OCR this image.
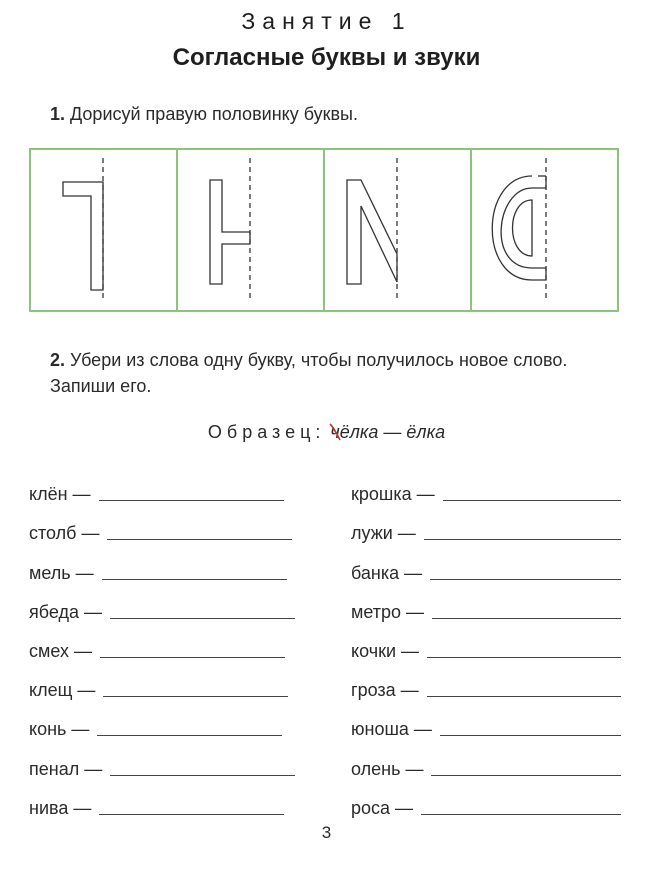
Занятие 1
Согласные буквы и звуки
1. Дорисуй правую половинку буквы.
2. Убери из слова одну букву, чтобы получилось новое слово. Запиши его.
Образец: ч
ёлка — ёлка
клён —
столб —
мель —
ябеда —
смех —
клещ —
конь —
пенал —
нива —
крошка —
лужи —
банка —
метро —
кочки —
гроза —
юноша —
олень —
роса —
3
